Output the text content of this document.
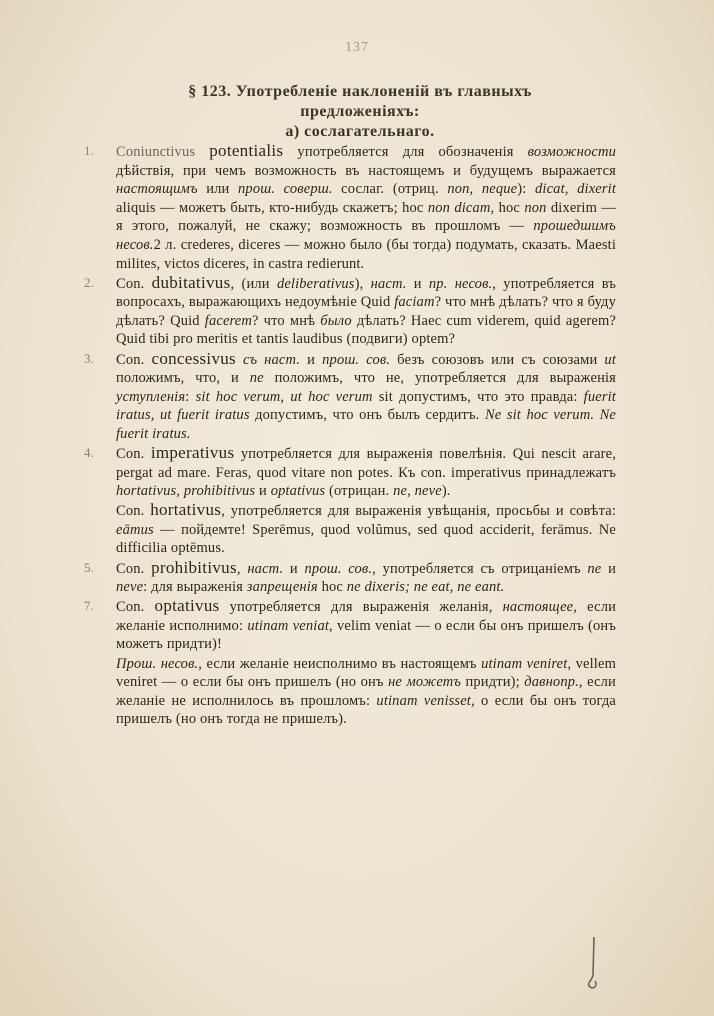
137
§ 123. Употребленіе наклоненій въ главныхъ
предложеніяхъ:
a) сослагательнаго.

1. Coniunctivus potentialis употребляется для обозначенія возможности дѣйствія, при чемъ возможность въ настоящемъ и будущемъ выражается настоящимъ или прош. соверш. сослаг. (отриц. non, neque): dicat, dixerit aliquis — можетъ быть, кто-нибудь скажетъ; hoc non dicam, hoc non dixerim — я этого, пожалуй, не скажу; возможность въ прошломъ — прошедшимъ несов.2 л. crederes, diceres — можно было (бы тогда) подумать, сказать. Maesti milites, victos diceres, in castra redierunt.

2. Con. dubitativus, (или deliberativus), наст. и пр. несов., употребляется въ вопросахъ, выражающихъ недоумѣніе Quid faciam? что мнѣ дѣлать? что я буду дѣлать? Quid facerem? что мнѣ было дѣлать? Haec cum viderem, quid agerem? Quid tibi pro meritis et tantis laudibus (подвиги) optem?

3. Con. concessivus съ наст. и прош. сов. безъ союзовъ или съ союзами ut положимъ, что, и ne положимъ, что не, употребляется для выраженія уступленія: sit hoc verum, ut hoc verum sit допустимъ, что это правда: fuerit iratus, ut fuerit iratus допустимъ, что онъ былъ сердитъ. Ne sit hoc verum. Ne fuerit iratus.

4. Con. imperativus употребляется для выраженія повелѣнія. Qui nescit arare, pergat ad mare. Feras, quod vitare non potes. Къ con. imperativus принадлежатъ hortativus, prohibitivus и optativus (отрицан. ne, neve).

Con. hortativus, употребляется для выраженія увѣщанія, просьбы и совѣта: eāmus — пойдемте! Sperēmus, quod volŭmus, sed quod acciderit, ferāmus. Ne difficilia optēmus.

5. Con. prohibitivus, наст. и прош. сов., употребляется съ отрицаніемъ ne и neve: для выраженія запрещенія hoc ne dixeris; ne eat, ne eant.

7. Con. optativus употребляется для выраженія желанія, настоящее, если желаніе исполнимо: utinam veniat, velim veniat — о если бы онъ пришелъ (онъ можетъ придти)!

Прош. несов., если желаніе неисполнимо въ настоящемъ utinam veniret, vellem veniret — о если бы онъ пришелъ (но онъ не можетъ придти); давнопр., если желаніе не исполнилось въ прошломъ: utinam venisset, о если бы онъ тогда пришелъ (но онъ тогда не пришелъ).
